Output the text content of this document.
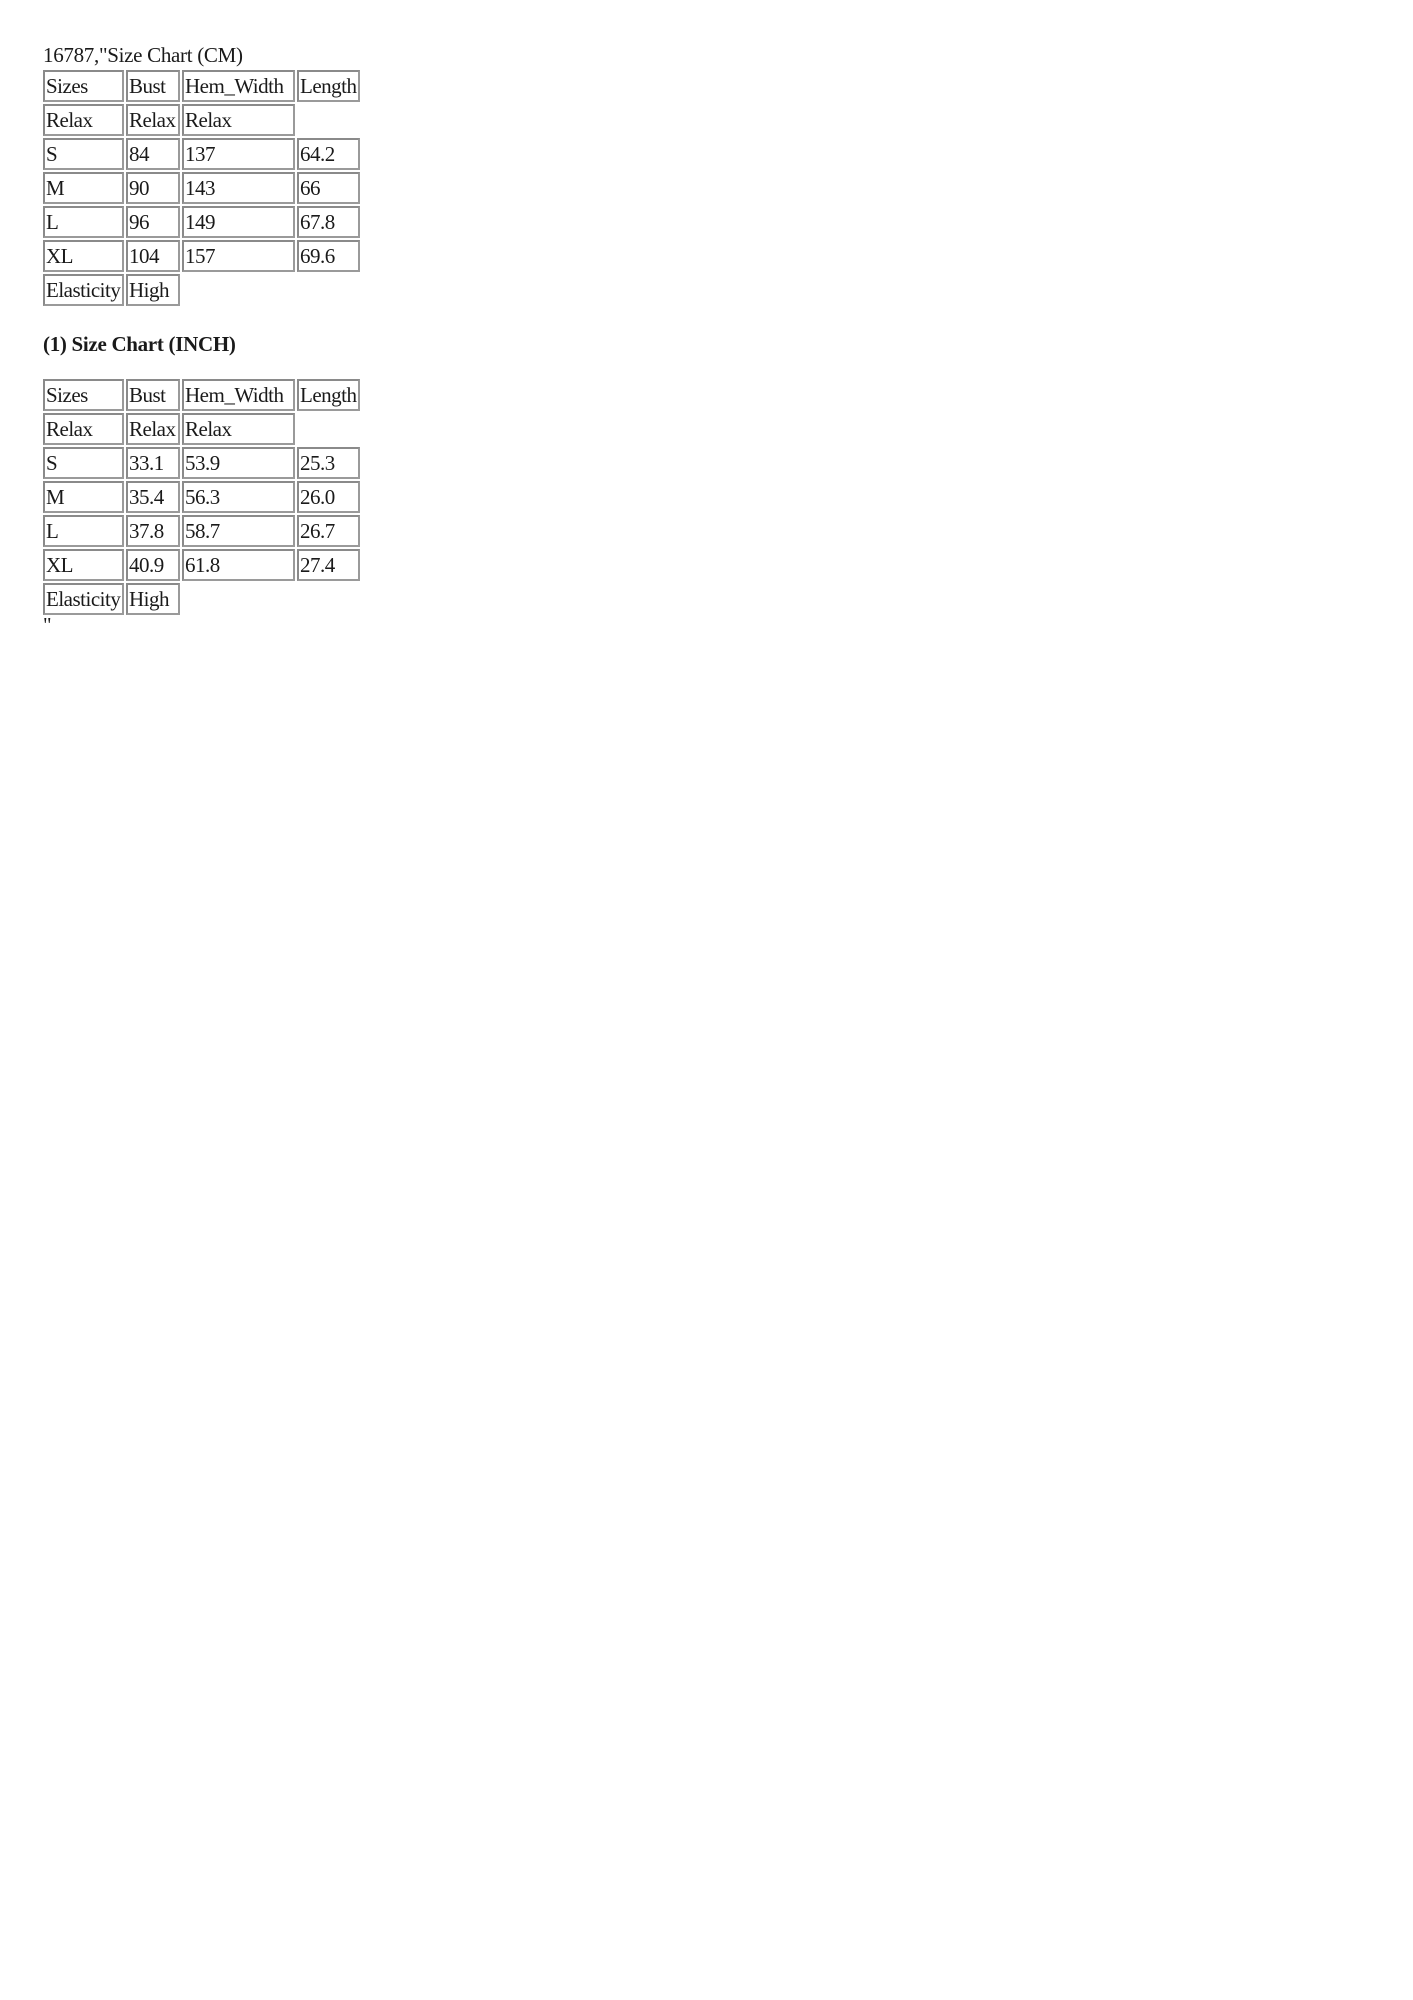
16787,"Size Chart (CM)

Sizes	Bust	Hem_Width	Length
Relax	Relax	Relax	
S	84	137	64.2
M	90	143	66
L	96	149	67.8
XL	104	157	69.6
Elasticity	High		

(1) Size Chart (INCH)

Sizes	Bust	Hem_Width	Length
Relax	Relax	Relax	
S	33.1	53.9	25.3
M	35.4	56.3	26.0
L	37.8	58.7	26.7
XL	40.9	61.8	27.4
Elasticity	High		

"
